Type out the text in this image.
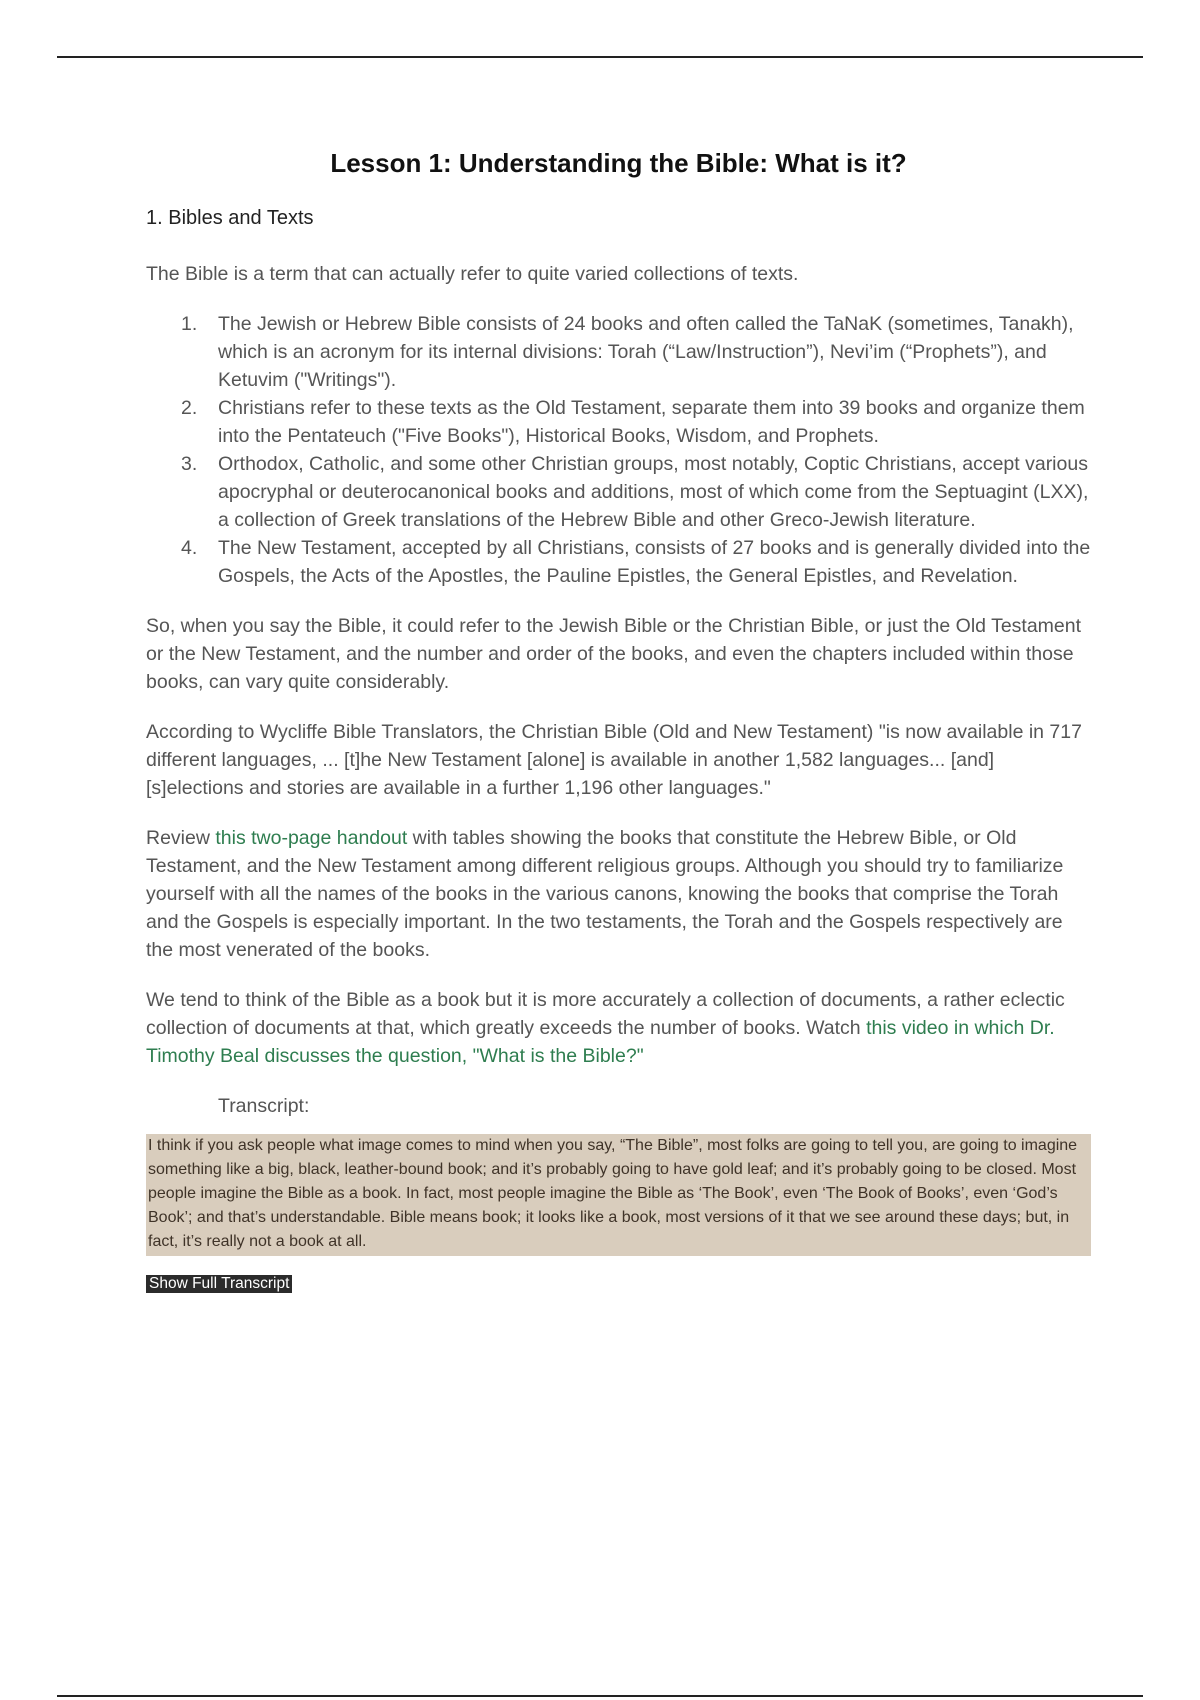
Lesson 1: Understanding the Bible: What is it?
1. Bibles and Texts

The Bible is a term that can actually refer to quite varied collections of texts.

1.	The Jewish or Hebrew Bible consists of 24 books and often called the TaNaK (sometimes, Tanakh), which is an acronym for its internal divisions: Torah (“Law/Instruction”), Nevi’im (“Prophets”), and Ketuvim ("Writings").
2.	Christians refer to these texts as the Old Testament, separate them into 39 books and organize them into the Pentateuch ("Five Books"), Historical Books, Wisdom, and Prophets.
3.	Orthodox, Catholic, and some other Christian groups, most notably, Coptic Christians, accept various apocryphal or deuterocanonical books and additions, most of which come from the Septuagint (LXX), a collection of Greek translations of the Hebrew Bible and other Greco-Jewish literature.
4.	The New Testament, accepted by all Christians, consists of 27 books and is generally divided into the Gospels, the Acts of the Apostles, the Pauline Epistles, the General Epistles, and Revelation.

So, when you say the Bible, it could refer to the Jewish Bible or the Christian Bible, or just the Old Testament or the New Testament, and the number and order of the books, and even the chapters included within those books, can vary quite considerably.

According to Wycliffe Bible Translators, the Christian Bible (Old and New Testament) "is now available in 717 different languages, ... [t]he New Testament [alone] is available in another 1,582 languages... [and] [s]elections and stories are available in a further 1,196 other languages."

Review this two-page handout with tables showing the books that constitute the Hebrew Bible, or Old Testament, and the New Testament among different religious groups. Although you should try to familiarize yourself with all the names of the books in the various canons, knowing the books that comprise the Torah and the Gospels is especially important. In the two testaments, the Torah and the Gospels respectively are the most venerated of the books.

We tend to think of the Bible as a book but it is more accurately a collection of documents, a rather eclectic collection of documents at that, which greatly exceeds the number of books. Watch this video in which Dr. Timothy Beal discusses the question, "What is the Bible?"

Transcript:
I think if you ask people what image comes to mind when you say, “The Bible”, most folks are going to tell you, are going to imagine something like a big, black, leather-bound book; and it’s probably going to have gold leaf; and it’s probably going to be closed. Most people imagine the Bible as a book. In fact, most people imagine the Bible as ‘The Book’, even ‘The Book of Books’, even ‘God’s Book’; and that’s understandable. Bible means book; it looks like a book, most versions of it that we see around these days; but, in fact, it’s really not a book at all.
Show Full Transcript
